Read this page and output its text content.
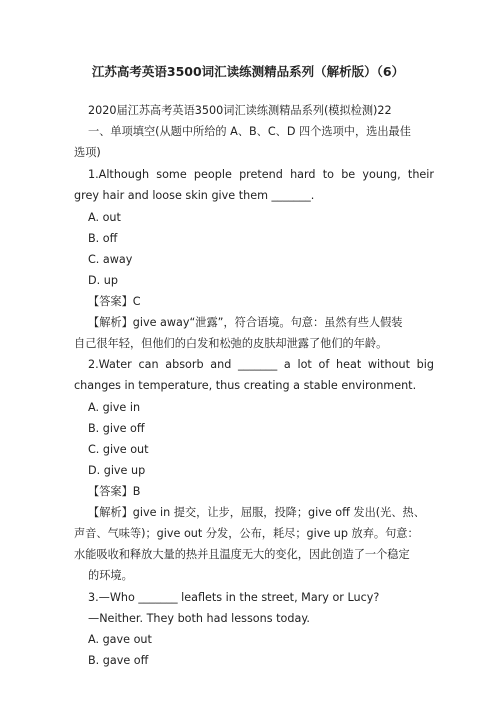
江苏高考英语3500词汇读练测精品系列（解析版）（6）
2020届江苏高考英语3500词汇读练测精品系列(模拟检测)22
一、单项填空(从题中所给的 A、B、C、D 四个选项中，选出最佳
选项)
1.Although some people pretend hard to be young, their
grey hair and loose skin give them _______.
A. out
B. off
C. away
D. up
【答案】C
【解析】give away“泄露”，符合语境。句意：虽然有些人假装
自己很年轻，但他们的白发和松弛的皮肤却泄露了他们的年龄。
2.Water can absorb and _______ a lot of heat without big
changes in temperature, thus creating a stable environment.
A. give in
B. give off
C. give out
D. give up
【答案】B
【解析】give in 提交，让步，屈服，投降；give off 发出(光、热、
声音、气味等)；give out 分发，公布，耗尽；give up 放弃。句意：
水能吸收和释放大量的热并且温度无大的变化，因此创造了一个稳定
的环境。
3.—Who _______ leaflets in the street, Mary or Lucy?
—Neither. They both had lessons today.
A. gave out
B. gave off
